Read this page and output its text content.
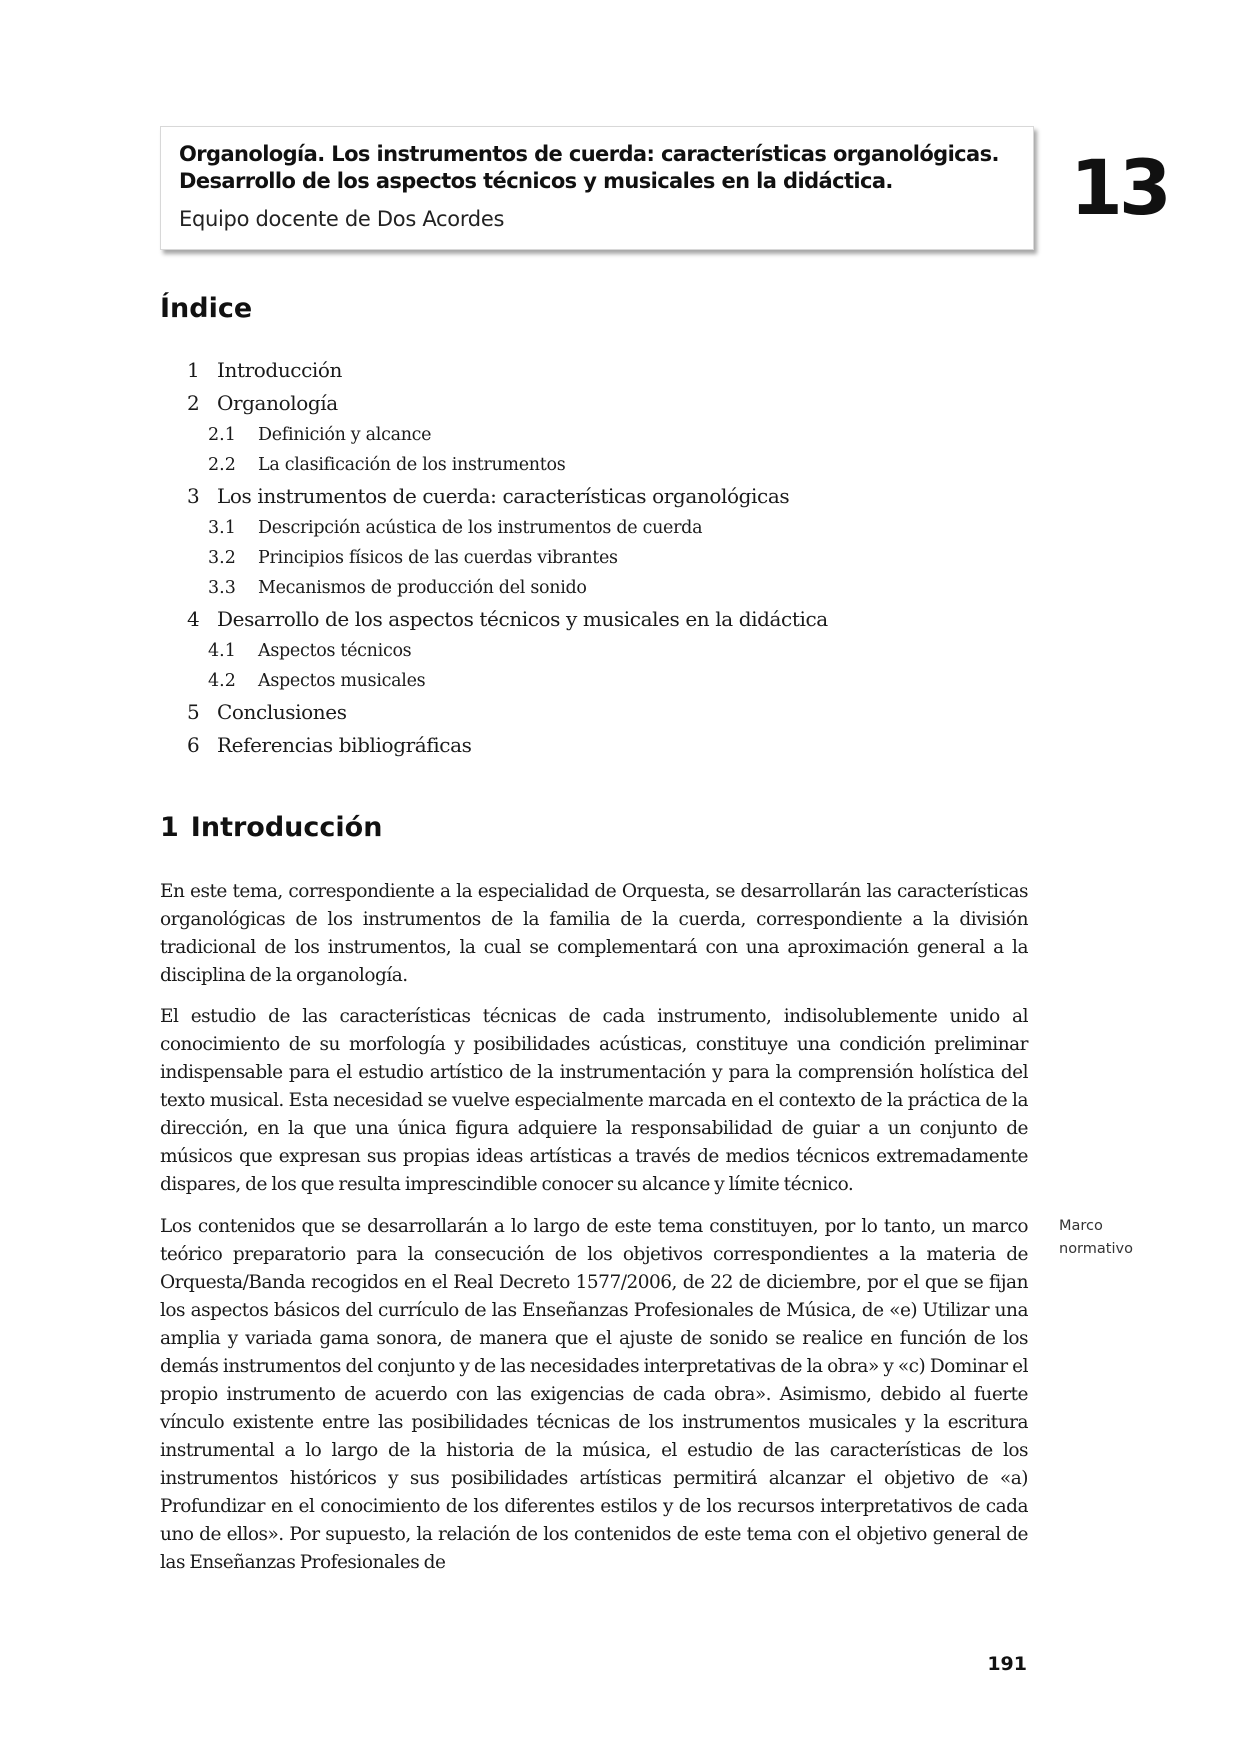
Organología. Los instrumentos de cuerda: características organológicas. Desarrollo de los aspectos técnicos y musicales en la didáctica.
Equipo docente de Dos Acordes	13
Índice
1 Introducción
2 Organología
2.1	Definición y alcance
2.2	La clasificación de los instrumentos
3 Los instrumentos de cuerda: características organológicas
3.1	Descripción acústica de los instrumentos de cuerda
3.2	Principios físicos de las cuerdas vibrantes
3.3	Mecanismos de producción del sonido
4 Desarrollo de los aspectos técnicos y musicales en la didáctica
4.1	Aspectos técnicos
4.2	Aspectos musicales
5 Conclusiones
6 Referencias bibliográficas
1 Introducción

En este tema, correspondiente a la especialidad de Orquesta, se desarrollarán las características organológicas de los instrumentos de la familia de la cuerda, correspondiente a la división tradicional de los instrumentos, la cual se complementará con una aproximación general a la disciplina de la organología.

El estudio de las características técnicas de cada instrumento, indisolublemente unido al conocimiento de su morfología y posibilidades acústicas, constituye una condición preliminar indispensable para el estudio artístico de la instrumentación y para la comprensión holística del texto musical. Esta necesidad se vuelve especialmente marcada en el contexto de la práctica de la dirección, en la que una única figura adquiere la responsabilidad de guiar a un conjunto de músicos que expresan sus propias ideas artísticas a través de medios técnicos extremadamente dispares, de los que resulta imprescindible conocer su alcance y límite técnico.

Los contenidos que se desarrollarán a lo largo de este tema constituyen, por lo tanto, un marco teórico preparatorio para la consecución de los objetivos correspondientes a la materia de Orquesta/Banda recogidos en el Real Decreto 1577/2006, de 22 de diciembre, por el que se fijan los aspectos básicos del currículo de las Enseñanzas Profesionales de Música, de «e) Utilizar una amplia y variada gama sonora, de manera que el ajuste de sonido se realice en función de los demás instrumentos del conjunto y de las necesidades interpretativas de la obra» y «c) Dominar el propio instrumento de acuerdo con las exigencias de cada obra». Asimismo, debido al fuerte vínculo existente entre las posibilidades técnicas de los instrumentos musicales y la escritura instrumental a lo largo de la historia de la música, el estudio de las características de los instrumentos históricos y sus posibilidades artísticas permitirá alcanzar el objetivo de «a) Profundizar en el conocimiento de los diferentes estilos y de los recursos interpretativos de cada uno de ellos». Por supuesto, la relación de los contenidos de este tema con el objetivo general de las Enseñanzas Profesionales de

Marco
normativo
191
